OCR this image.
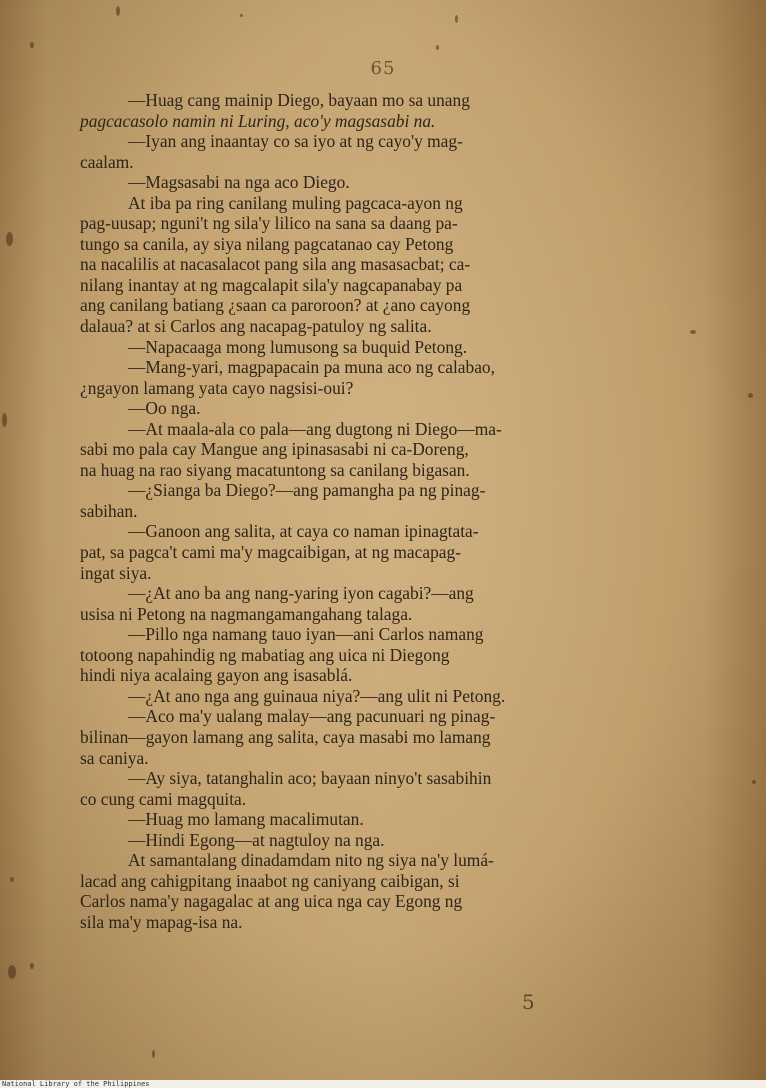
65

—Huag cang mainip Diego, bayaan mo sa unang

pagcacasolo namin ni Luring, aco'y magsasabi na.

—Iyan ang inaantay co sa iyo at ng cayo'y mag-

caalam.

—Magsasabi na nga aco Diego.

At iba pa ring canilang muling pagcaca-ayon ng

pag-uusap; nguni't ng sila'y lilico na sana sa daang pa-

tungo sa canila, ay siya nilang pagcatanao cay Petong

na nacalilis at nacasalacot pang sila ang masasacbat; ca-

nilang inantay at ng magcalapit sila'y nagcapanabay pa

ang canilang batiang ¿saan ca paroroon? at ¿ano cayong

dalaua? at si Carlos ang nacapag-patuloy ng salita.

—Napacaaga mong lumusong sa buquid Petong.

—Mang-yari, magpapacain pa muna aco ng calabao,

¿ngayon lamang yata cayo nagsisi-oui?

—Oo nga.

—At maala-ala co pala—ang dugtong ni Diego—ma-

sabi mo pala cay Mangue ang ipinasasabi ni ca-Doreng,

na huag na rao siyang macatuntong sa canilang bigasan.

—¿Sianga ba Diego?—ang pamangha pa ng pinag-

sabihan.

—Ganoon ang salita, at caya co naman ipinagtata-

pat, sa pagca't cami ma'y magcaibigan, at ng macapag-

ingat siya.

—¿At ano ba ang nang-yaring iyon cagabi?—ang

usisa ni Petong na nagmangamangahang talaga.

—Pillo nga namang tauo iyan—ani Carlos namang

totoong napahindig ng mabatiag ang uica ni Diegong

hindi niya acalaing gayon ang isasablá.

—¿At ano nga ang guinaua niya?—ang ulit ni Petong.

—Aco ma'y ualang malay—ang pacunuari ng pinag-

bilinan—gayon lamang ang salita, caya masabi mo lamang

sa caniya.

—Ay siya, tatanghalin aco; bayaan ninyo't sasabihin

co cung cami magquita.

—Huag mo lamang macalimutan.

—Hindi Egong—at nagtuloy na nga.

At samantalang dinadamdam nito ng siya na'y lumá-

lacad ang cahigpitang inaabot ng caniyang caibigan, si

Carlos nama'y nagagalac at ang uica nga cay Egong ng

sila ma'y mapag-isa na.

5
National Library of the Philippines
